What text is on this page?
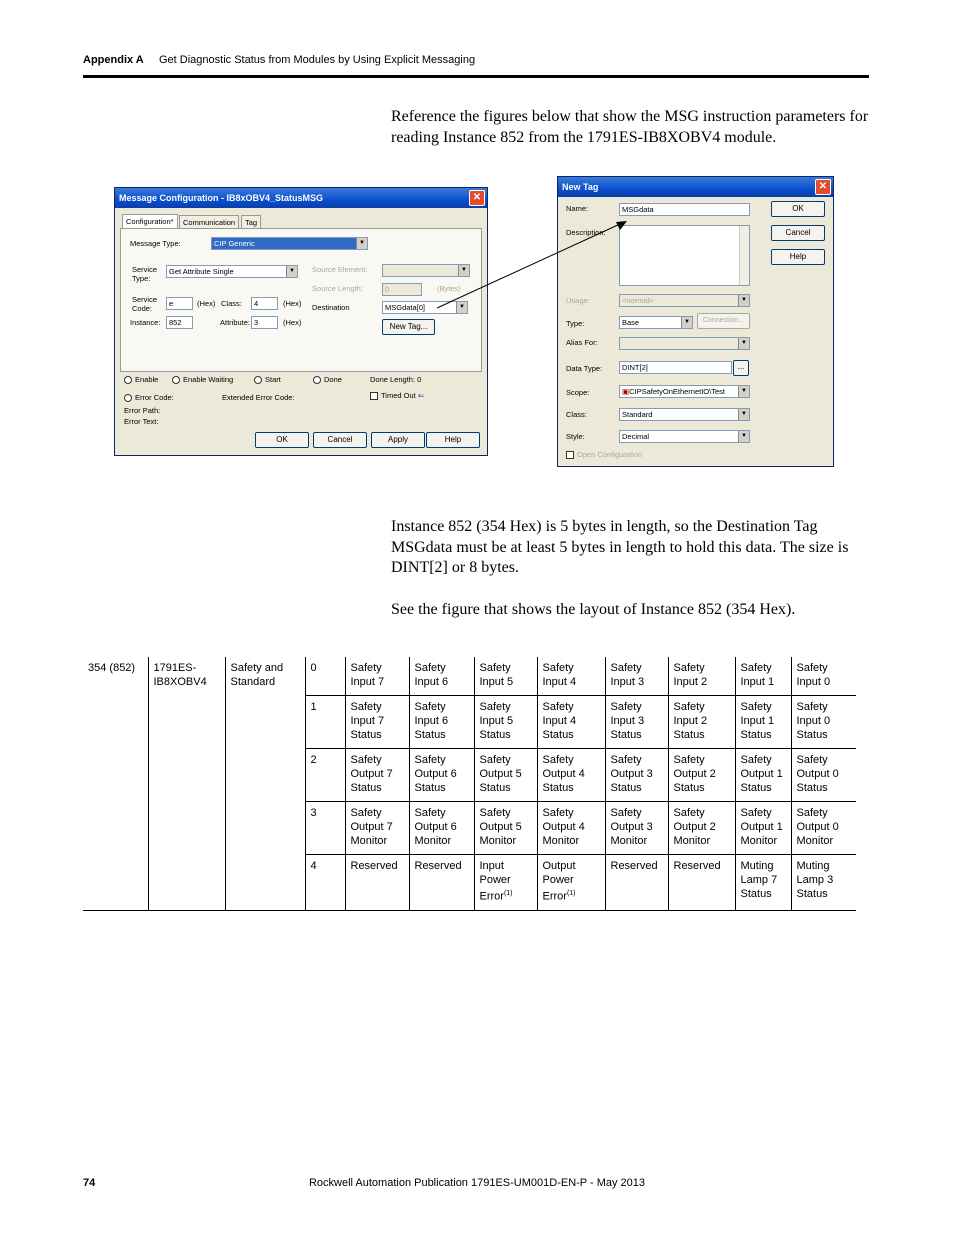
Appendix A Get Diagnostic Status from Modules by Using Explicit Messaging
Reference the figures below that show the MSG instruction parameters for reading Instance 852 from the 1791ES-IB8XOBV4 module.
Message Configuration - IB8xOBV4_StatusMSG	✕
Configuration*	Communication	Tag
Message Type:	CIP Generic	▼
Service Type:
Get Attribute Single	▼ Source Element:	▼
Source Length:	0	(Bytes)
Service Code:
e	(Hex) Class:	4	(Hex) Destination	MSGdata[0]	▼
Instance:	852	Attribute: 3	(Hex)	New Tag...
Enable	Enable Waiting	Start	Done	Done Length: 0
Error Code:	Extended Error Code:	Timed Out ⇐
Error Path:
Error Text:
OK	Cancel	Apply	Help
New Tag	✕
Name:	MSGdata
Description:
Usage:	<normal>	▼
Type:	Base	▼	Connection...
Alias For:	▼
Data Type:	DINT[2]	...
Scope:	▣CIPSafetyOnEthernetIO\Test	▼
Class:	Standard	▼
Style:	Decimal	▼
Open Configuration
OK
Cancel
Help
Instance 852 (354 Hex) is 5 bytes in length, so the Destination Tag MSGdata must be at least 5 bytes in length to hold this data. The size is DINT[2] or 8 bytes.
See the figure that shows the layout of Instance 852 (354 Hex).
354 (852)	1791ES-IB8XOBV4	Safety and Standard	0	Safety Input 7	Safety Input 6	Safety Input 5	Safety Input 4	Safety Input 3	Safety Input 2	Safety Input 1	Safety Input 0
			1	Safety Input 7 Status	Safety Input 6 Status	Safety Input 5 Status	Safety Input 4 Status	Safety Input 3 Status	Safety Input 2 Status	Safety Input 1 Status	Safety Input 0 Status
			2	Safety Output 7 Status	Safety Output 6 Status	Safety Output 5 Status	Safety Output 4 Status	Safety Output 3 Status	Safety Output 2 Status	Safety Output 1 Status	Safety Output 0 Status
			3	Safety Output 7 Monitor	Safety Output 6 Monitor	Safety Output 5 Monitor	Safety Output 4 Monitor	Safety Output 3 Monitor	Safety Output 2 Monitor	Safety Output 1 Monitor	Safety Output 0 Monitor
			4	Reserved	Reserved	Input Power Error$^{(1)}$	Output Power Error$^{(1)}$	Reserved	Reserved	Muting Lamp 7 Status	Muting Lamp 3 Status
74	Rockwell Automation Publication 1791ES-UM001D-EN-P - May 2013
